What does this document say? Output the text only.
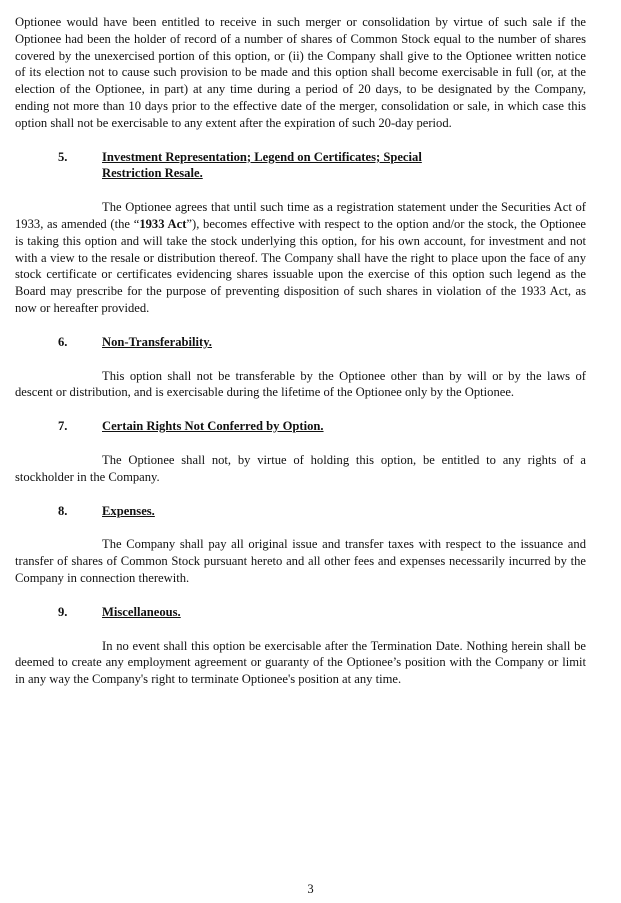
Optionee would have been entitled to receive in such merger or consolidation by virtue of such sale if the Optionee had been the holder of record of a number of shares of Common Stock equal to the number of shares covered by the unexercised portion of this option, or (ii) the Company shall give to the Optionee written notice of its election not to cause such provision to be made and this option shall become exercisable in full (or, at the election of the Optionee, in part) at any time during a period of 20 days, to be designated by the Company, ending not more than 10 days prior to the effective date of the merger, consolidation or sale, in which case this option shall not be exercisable to any extent after the expiration of such 20-day period.

5.	Investment Representation; Legend on Certificates; Special Restriction Resale.

The Optionee agrees that until such time as a registration statement under the Securities Act of 1933, as amended (the “1933 Act”), becomes effective with respect to the option and/or the stock, the Optionee is taking this option and will take the stock underlying this option, for his own account, for investment and not with a view to the resale or distribution thereof. The Company shall have the right to place upon the face of any stock certificate or certificates evidencing shares issuable upon the exercise of this option such legend as the Board may prescribe for the purpose of preventing disposition of such shares in violation of the 1933 Act, as now or hereafter provided.

6.	Non-Transferability.

This option shall not be transferable by the Optionee other than by will or by the laws of descent or distribution, and is exercisable during the lifetime of the Optionee only by the Optionee.

7.	Certain Rights Not Conferred by Option.

The Optionee shall not, by virtue of holding this option, be entitled to any rights of a stockholder in the Company.

8.	Expenses.

The Company shall pay all original issue and transfer taxes with respect to the issuance and transfer of shares of Common Stock pursuant hereto and all other fees and expenses necessarily incurred by the Company in connection therewith.

9.	Miscellaneous.

In no event shall this option be exercisable after the Termination Date. Nothing herein shall be deemed to create any employment agreement or guaranty of the Optionee’s position with the Company or limit in any way the Company's right to terminate Optionee's position at any time.

3
